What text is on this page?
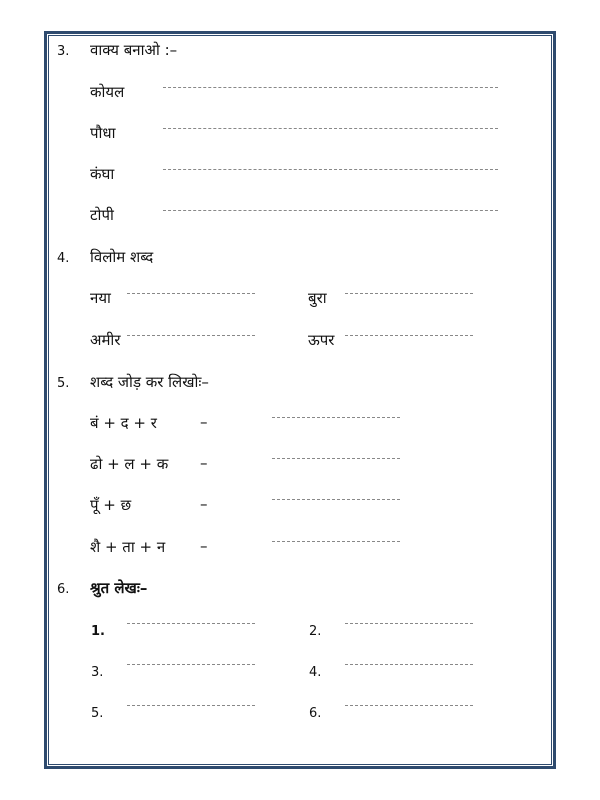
3. वाक्य बनाओ :–
कोयल
पौधा
कंघा
टोपी
4. विलोम शब्द
नया	बुरा
अमीर	ऊपर
5. शब्द जोड़ कर लिखोः–
बं + द + र	–
ढो + ल + क –
पूँ + छ	–
शै + ता + न –
6. श्रुत लेखः–
1.	2.
3.	4.
5.	6.
